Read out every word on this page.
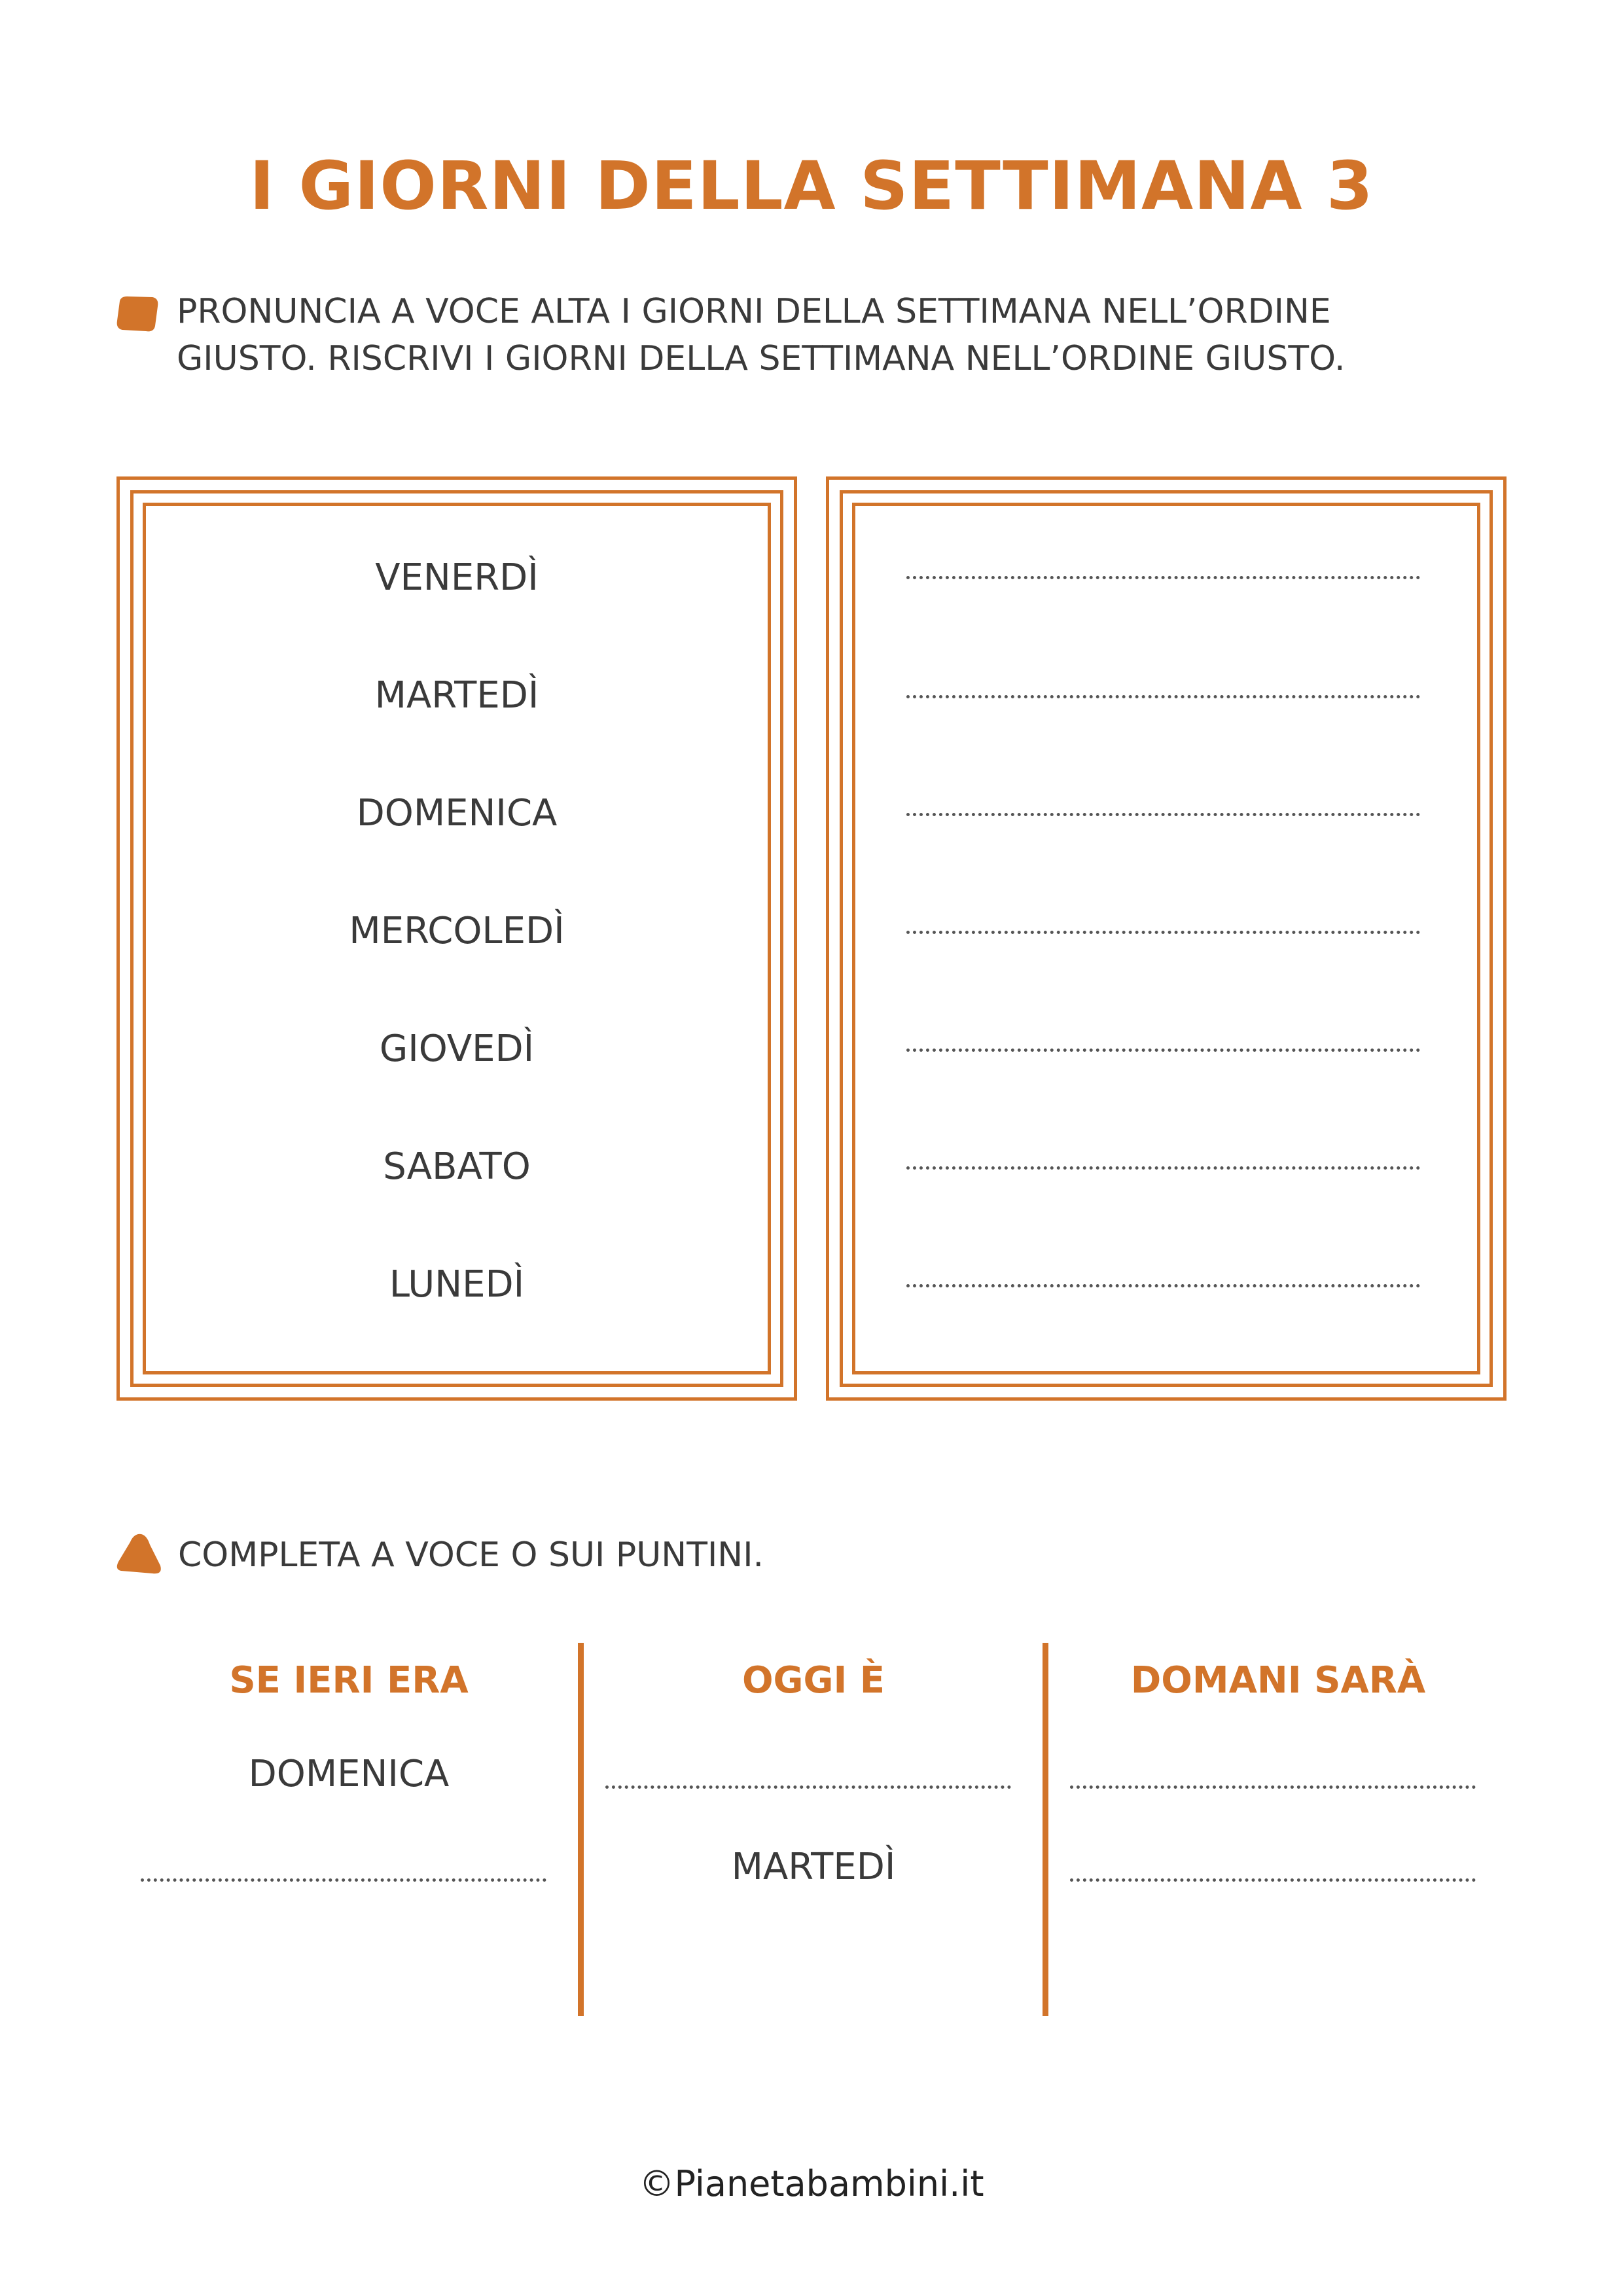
I GIORNI DELLA SETTIMANA 3
PRONUNCIA A VOCE ALTA I GIORNI DELLA SETTIMANA NELL’ORDINE
GIUSTO. RISCRIVI I GIORNI DELLA SETTIMANA NELL’ORDINE GIUSTO.
VENERDÌ
MARTEDÌ
DOMENICA
MERCOLEDÌ
GIOVEDÌ
SABATO
LUNEDÌ
COMPLETA A VOCE O SUI PUNTINI.
SE IERI ERA	OGGI È	DOMANI SARÀ
DOMENICA
MARTEDÌ
©Pianetabambini.it
